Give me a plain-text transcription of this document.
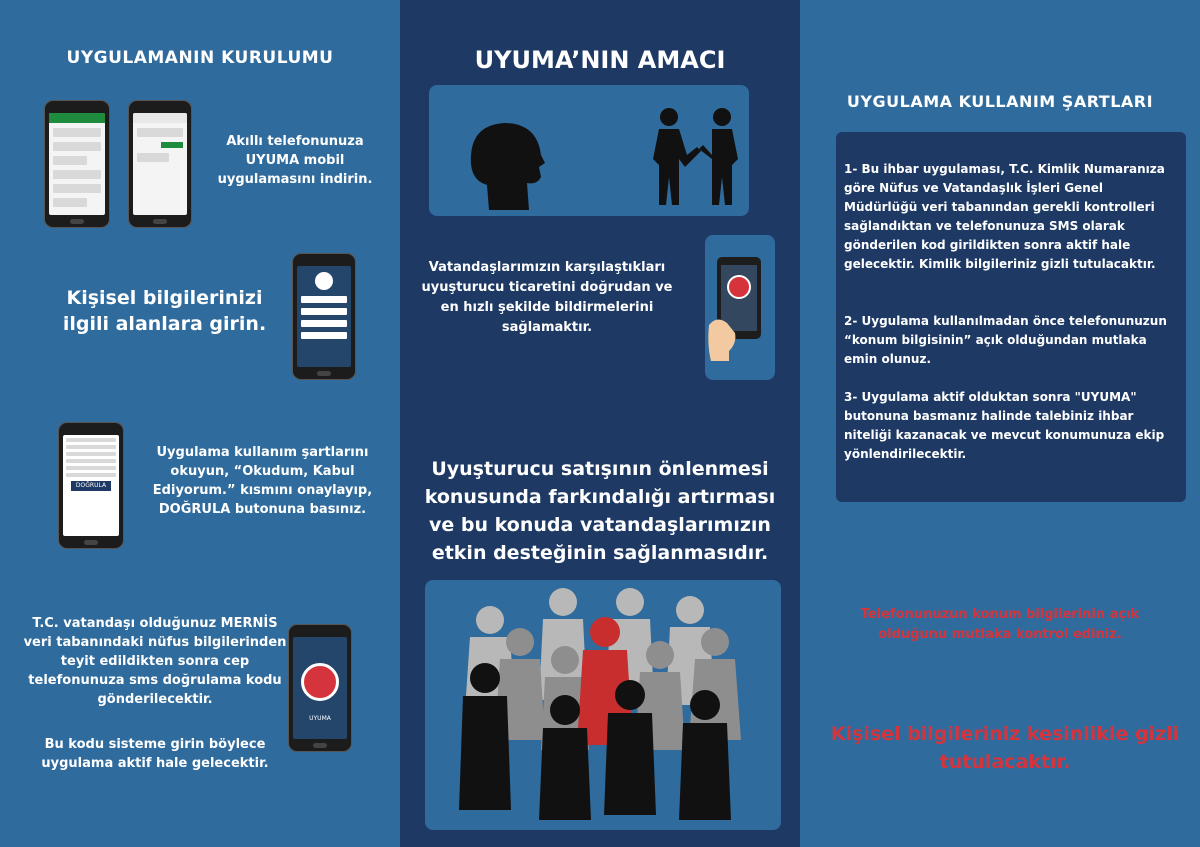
UYGULAMANIN KURULUMU
Akıllı telefonunuza UYUMA mobil uygulamasını indirin.
Kişisel bilgilerinizi ilgili alanlara girin.
DOĞRULA
Uygulama kullanım şartlarını okuyun, “Okudum, Kabul Ediyorum.” kısmını onaylayıp, DOĞRULA butonuna basınız.
T.C. vatandaşı olduğunuz MERNİS veri tabanındaki nüfus bilgilerinden teyit edildikten sonra cep telefonunuza sms doğrulama kodu gönderilecektir.
Bu kodu sisteme girin böylece uygulama aktif hale gelecektir.
UYUMA
UYUMA’NIN AMACI
Vatandaşlarımızın karşılaştıkları uyuşturucu ticaretini doğrudan ve en hızlı şekilde bildirmelerini sağlamaktır.
Uyuşturucu satışının önlenmesi konusunda farkındalığı artırması ve bu konuda vatandaşlarımızın etkin desteğinin sağlanmasıdır.
UYGULAMA KULLANIM ŞARTLARI
1- Bu ihbar uygulaması, T.C. Kimlik Numaranıza göre Nüfus ve Vatandaşlık İşleri Genel Müdürlüğü veri tabanından gerekli kontrolleri sağlandıktan ve telefonunuza SMS olarak gönderilen kod girildikten sonra aktif hale gelecektir. Kimlik bilgileriniz gizli tutulacaktır.
2- Uygulama kullanılmadan önce telefonunuzun “konum bilgisinin” açık olduğundan mutlaka emin olunuz.
3- Uygulama aktif olduktan sonra "UYUMA" butonuna basmanız halinde talebiniz ihbar niteliği kazanacak ve mevcut konumunuza ekip yönlendirilecektir.
Telefonunuzun konum bilgilerinin açık olduğunu mutlaka kontrol ediniz.
Kişisel bilgileriniz kesinlikle gizli tutulacaktır.
